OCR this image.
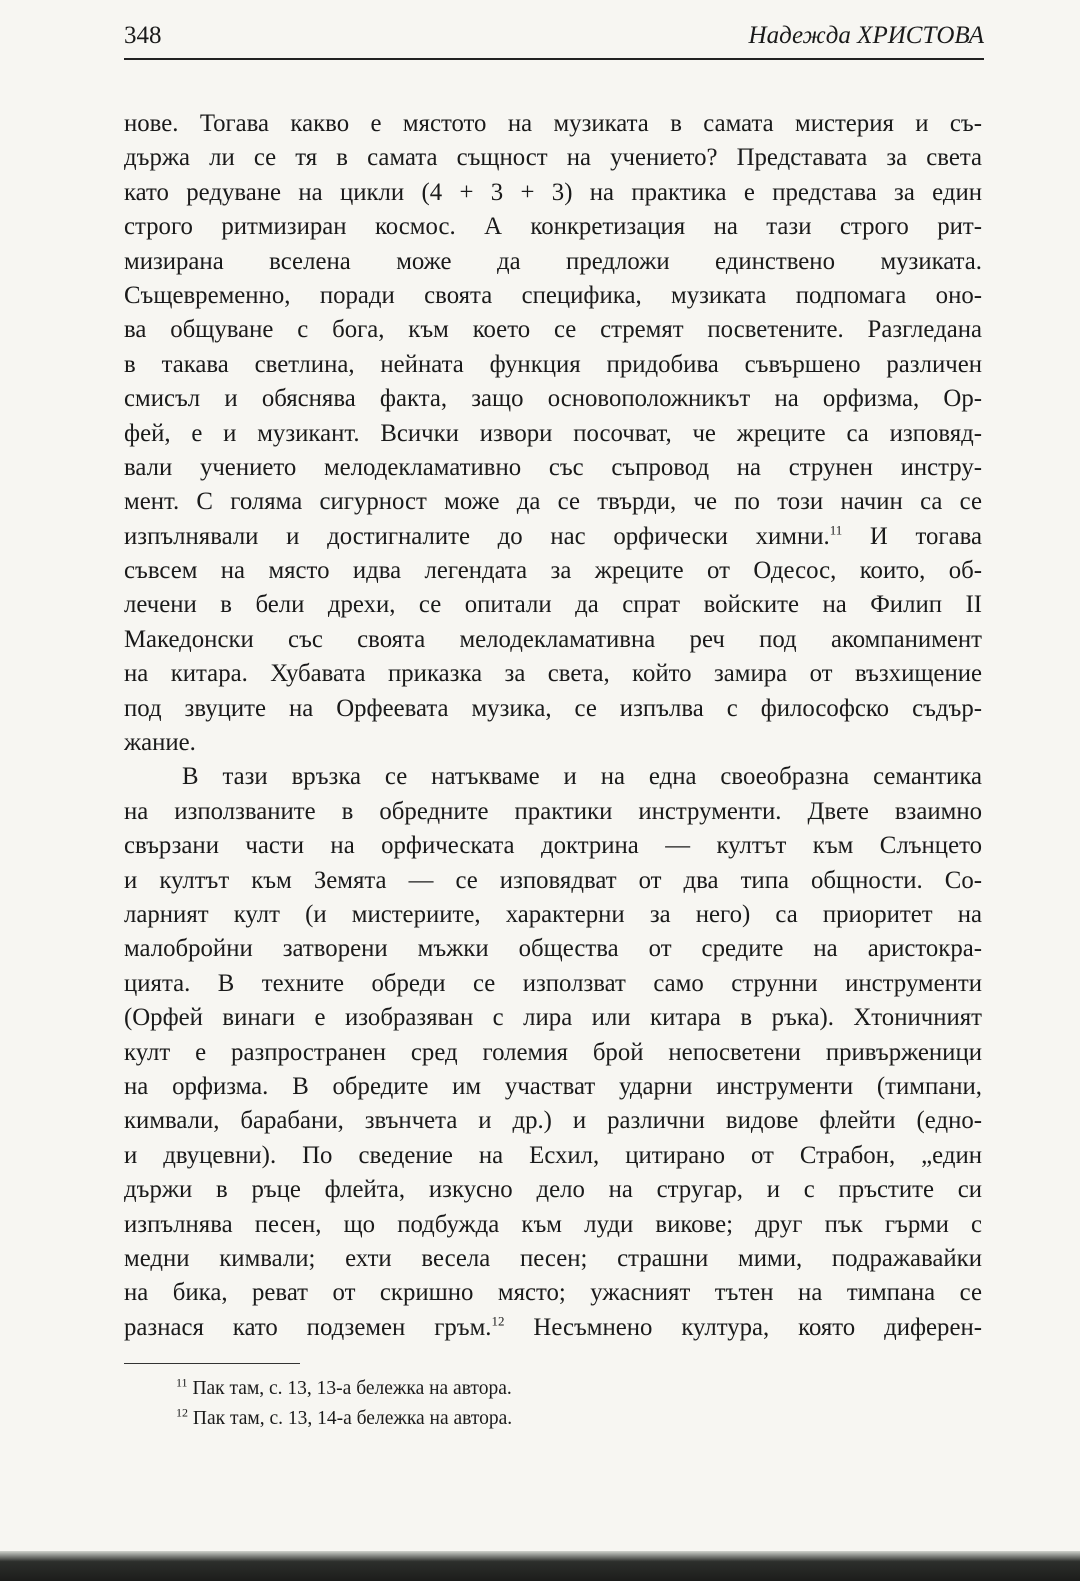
348	Надежда ХРИСТОВА
нове. Тогава какво е мястото на музиката в самата мистерия и съ-
държа ли се тя в самата същност на учението? Представата за света
като редуване на цикли (4 + 3 + 3) на практика е представа за един
строго ритмизиран космос. А конкретизация на тази строго рит-
мизирана вселена може да предложи единствено музиката.
Същевременно, поради своята специфика, музиката подпомага оно-
ва общуване с бога, към което се стремят посветените. Разгледана
в такава светлина, нейната функция придобива съвършено различен
смисъл и обяснява факта, защо основоположникът на орфизма, Ор-
фей, е и музикант. Всички извори посочват, че жреците са изповяд-
вали учението мелодекламативно със съпровод на струнен инстру-
мент. С голяма сигурност може да се твърди, че по този начин са се
изпълнявали и достигналите до нас орфически химни.$^{11}$ И тогава
съвсем на място идва легендата за жреците от Одесос, които, об-
лечени в бели дрехи, се опитали да спрат войските на Филип II
Македонски със своята мелодекламативна реч под акомпанимент
на китара. Хубавата приказка за света, който замира от възхищение
под звуците на Орфеевата музика, се изпълва с философско съдър-
жание.
В тази връзка се натъкваме и на една своеобразна семантика
на използваните в обредните практики инструменти. Двете взаимно
свързани части на орфическата доктрина — култът към Слънцето
и култът към Земята — се изповядват от два типа общности. Со-
ларният култ (и мистериите, характерни за него) са приоритет на
малобройни затворени мъжки общества от средите на аристокра-
цията. В техните обреди се използват само струнни инструменти
(Орфей винаги е изобразяван с лира или китара в ръка). Хтоничният
култ е разпространен сред големия брой непосветени привърженици
на орфизма. В обредите им участват ударни инструменти (тимпани,
кимвали, барабани, звънчета и др.) и различни видове флейти (едно-
и двуцевни). По сведение на Есхил, цитирано от Страбон, „един
държи в ръце флейта, изкусно дело на стругар, и с пръстите си
изпълнява песен, що подбужда към луди викове; друг пък гърми с
медни кимвали; ехти весела песен; страшни мими, подражавайки
на бика, реват от скришно място; ужасният тътен на тимпана се
разнася като подземен гръм.$^{12}$ Несъмнено култура, която диферен-
$^{11}$ Пак там, с. 13, 13-а бележка на автора.
$^{12}$ Пак там, с. 13, 14-а бележка на автора.
